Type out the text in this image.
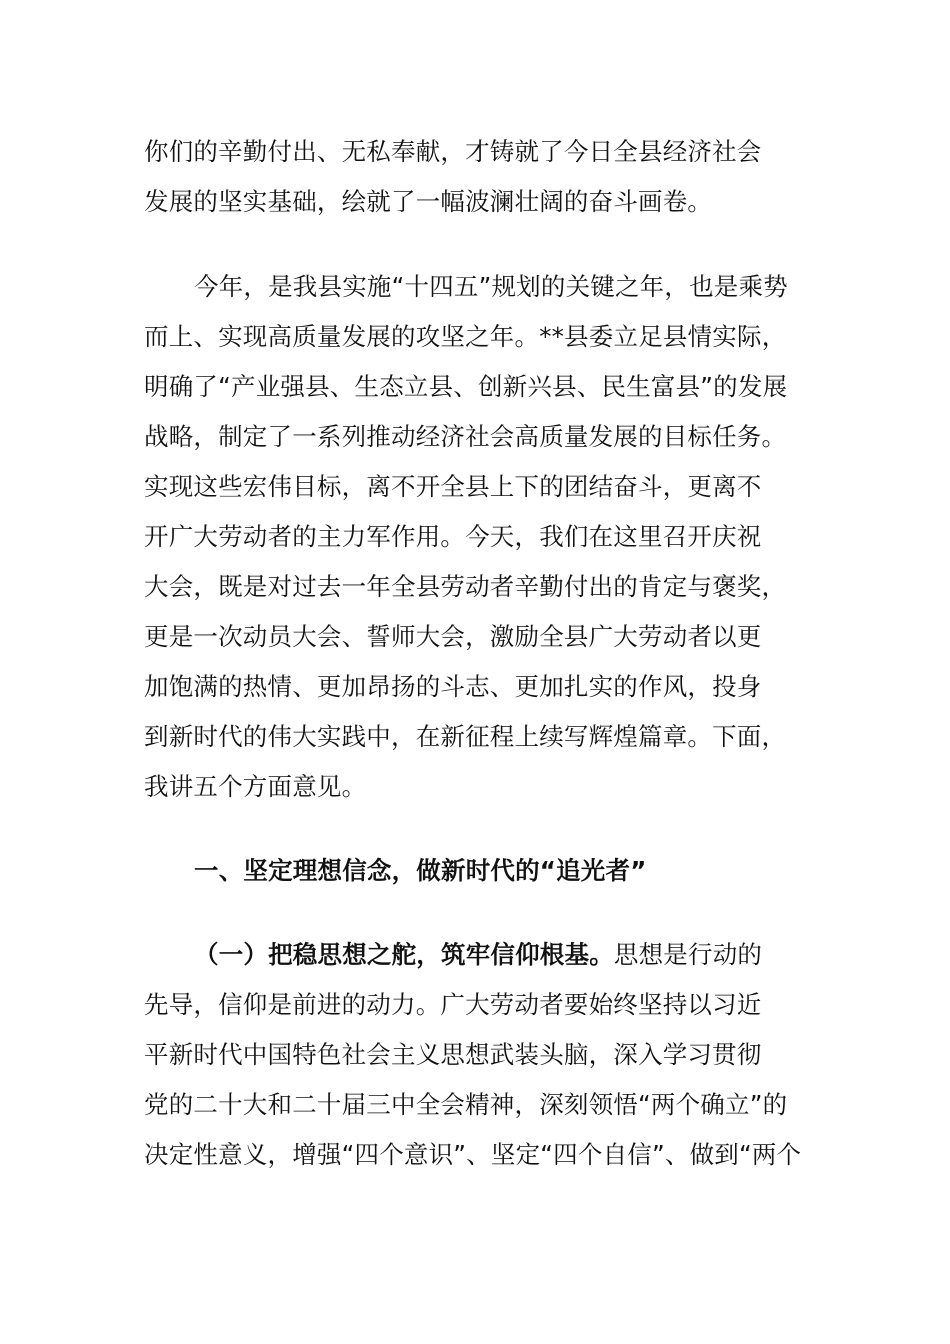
你们的辛勤付出、无私奉献，才铸就了今日全县经济社会
发展的坚实基础，绘就了一幅波澜壮阔的奋斗画卷。
今年，是我县实施“十四五”规划的关键之年，也是乘势
而上、实现高质量发展的攻坚之年。**县委立足县情实际，
明确了“产业强县、生态立县、创新兴县、民生富县”的发展
战略，制定了一系列推动经济社会高质量发展的目标任务。
实现这些宏伟目标，离不开全县上下的团结奋斗，更离不
开广大劳动者的主力军作用。今天，我们在这里召开庆祝
大会，既是对过去一年全县劳动者辛勤付出的肯定与褒奖，
更是一次动员大会、誓师大会，激励全县广大劳动者以更
加饱满的热情、更加昂扬的斗志、更加扎实的作风，投身
到新时代的伟大实践中，在新征程上续写辉煌篇章。下面，
我讲五个方面意见。
一、坚定理想信念，做新时代的“追光者”
（一）把稳思想之舵，筑牢信仰根基。思想是行动的
先导，信仰是前进的动力。广大劳动者要始终坚持以习近
平新时代中国特色社会主义思想武装头脑，深入学习贯彻
党的二十大和二十届三中全会精神，深刻领悟“两个确立”的
决定性意义，增强“四个意识”、坚定“四个自信”、做到“两个
